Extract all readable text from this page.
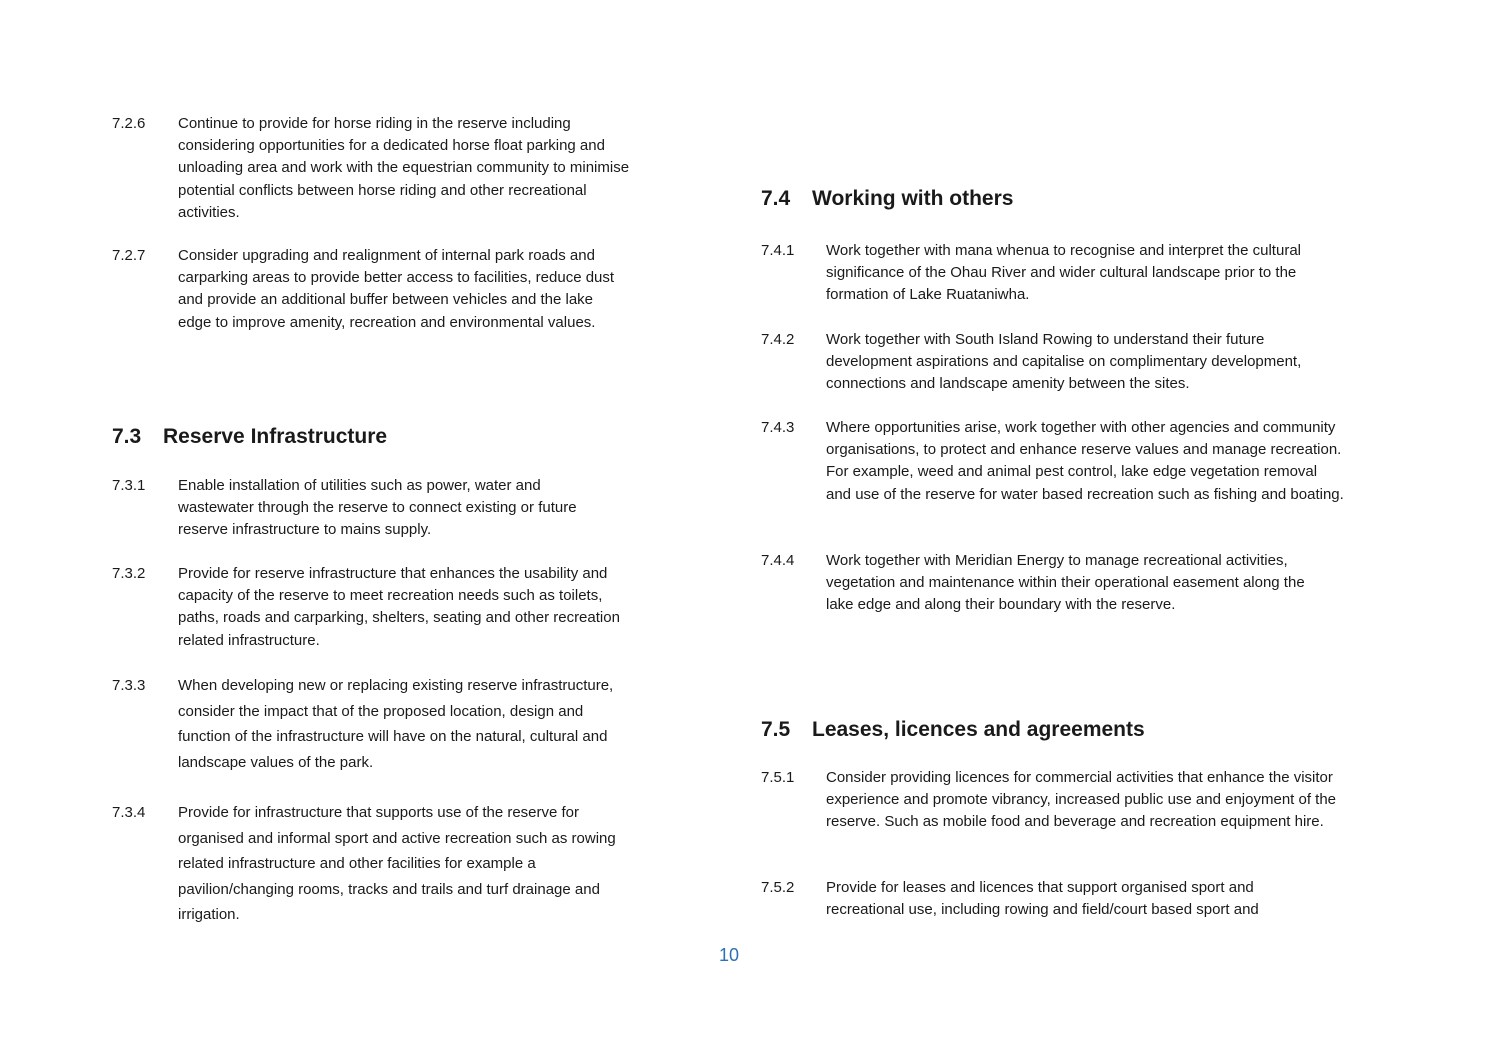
7.2.6	Continue to provide for horse riding in the reserve including considering opportunities for a dedicated horse float parking and unloading area and work with the equestrian community to minimise potential conflicts between horse riding and other recreational activities.
7.2.7	Consider upgrading and realignment of internal park roads and carparking areas to provide better access to facilities, reduce dust and provide an additional buffer between vehicles and the lake edge to improve amenity, recreation and environmental values.
7.3 Reserve Infrastructure
7.3.1	Enable installation of utilities such as power, water and wastewater through the reserve to connect existing or future reserve infrastructure to mains supply.
7.3.2	Provide for reserve infrastructure that enhances the usability and capacity of the reserve to meet recreation needs such as toilets, paths, roads and carparking, shelters, seating and other recreation related infrastructure.
7.3.3	When developing new or replacing existing reserve infrastructure, consider the impact that of the proposed location, design and function of the infrastructure will have on the natural, cultural and landscape values of the park.
7.3.4	Provide for infrastructure that supports use of the reserve for organised and informal sport and active recreation such as rowing related infrastructure and other facilities for example a pavilion/changing rooms, tracks and trails and turf drainage and irrigation.
7.4 Working with others
7.4.1	Work together with mana whenua to recognise and interpret the cultural significance of the Ohau River and wider cultural landscape prior to the formation of Lake Ruataniwha.
7.4.2	Work together with South Island Rowing to understand their future development aspirations and capitalise on complimentary development, connections and landscape amenity between the sites.
7.4.3	Where opportunities arise, work together with other agencies and community organisations, to protect and enhance reserve values and manage recreation. For example, weed and animal pest control, lake edge vegetation removal and use of the reserve for water based recreation such as fishing and boating.
7.4.4	Work together with Meridian Energy to manage recreational activities, vegetation and maintenance within their operational easement along the lake edge and along their boundary with the reserve.
7.5 Leases, licences and agreements
7.5.1	Consider providing licences for commercial activities that enhance the visitor experience and promote vibrancy, increased public use and enjoyment of the reserve. Such as mobile food and beverage and recreation equipment hire.
7.5.2	Provide for leases and licences that support organised sport and recreational use, including rowing and field/court based sport and
10
